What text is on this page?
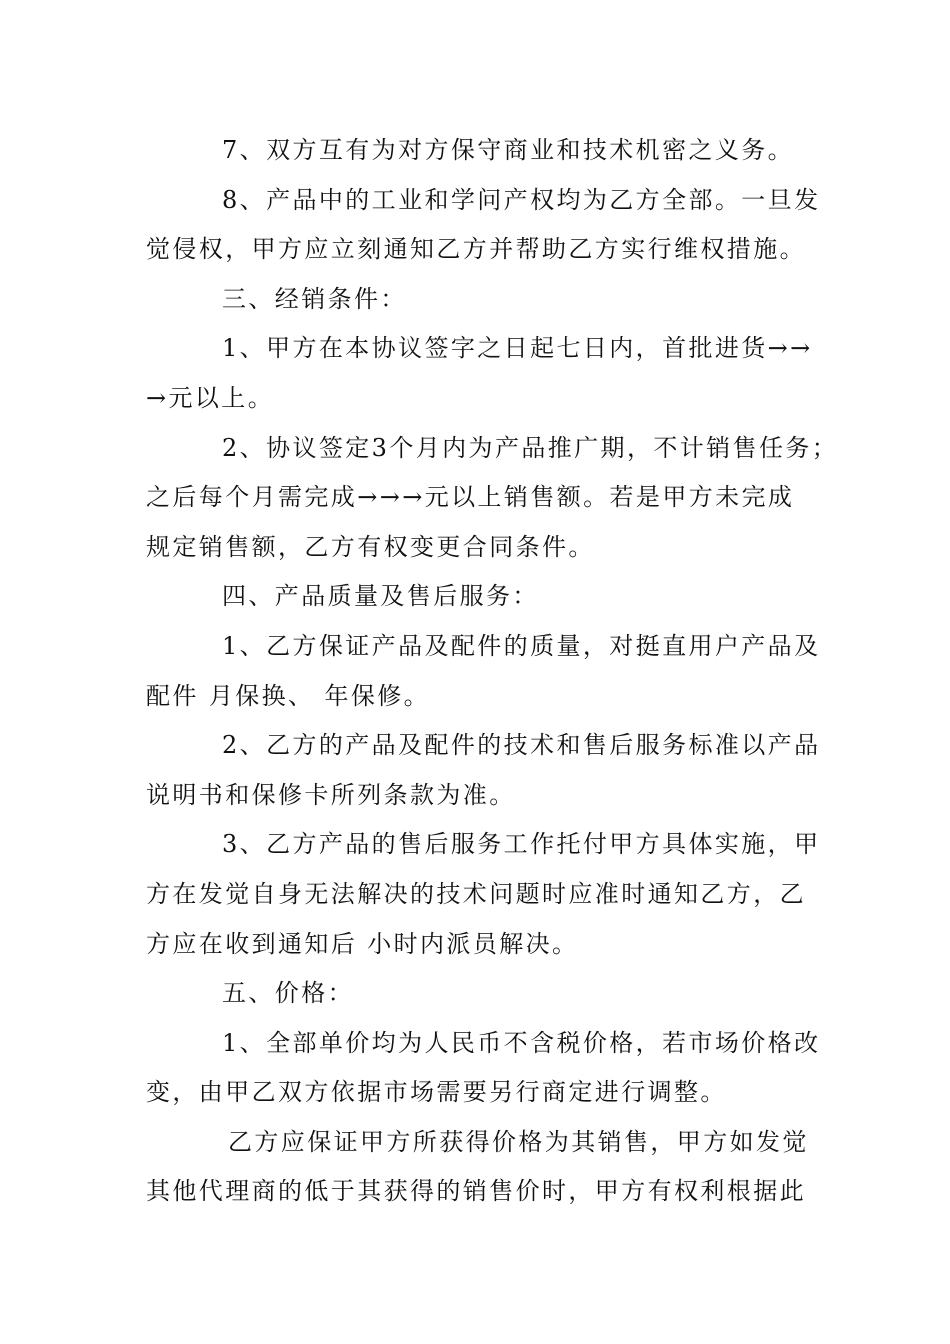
7、双方互有为对方保守商业和技术机密之义务。
8、产品中的工业和学问产权均为乙方全部。一旦发
觉侵权，甲方应立刻通知乙方并帮助乙方实行维权措施。
三、经销条件：
1、甲方在本协议签字之日起七日内，首批进货→→
→元以上。
2、协议签定3个月内为产品推广期，不计销售任务；
之后每个月需完成→→→元以上销售额。若是甲方未完成
规定销售额，乙方有权变更合同条件。
四、产品质量及售后服务：
1、乙方保证产品及配件的质量，对挺直用户产品及
配件 月保换、 年保修。
2、乙方的产品及配件的技术和售后服务标准以产品
说明书和保修卡所列条款为准。
3、乙方产品的售后服务工作托付甲方具体实施，甲
方在发觉自身无法解决的技术问题时应准时通知乙方，乙
方应在收到通知后 小时内派员解决。
五、价格：
1、全部单价均为人民币不含税价格，若市场价格改
变，由甲乙双方依据市场需要另行商定进行调整。
乙方应保证甲方所获得价格为其销售，甲方如发觉
其他代理商的低于其获得的销售价时，甲方有权利根据此
